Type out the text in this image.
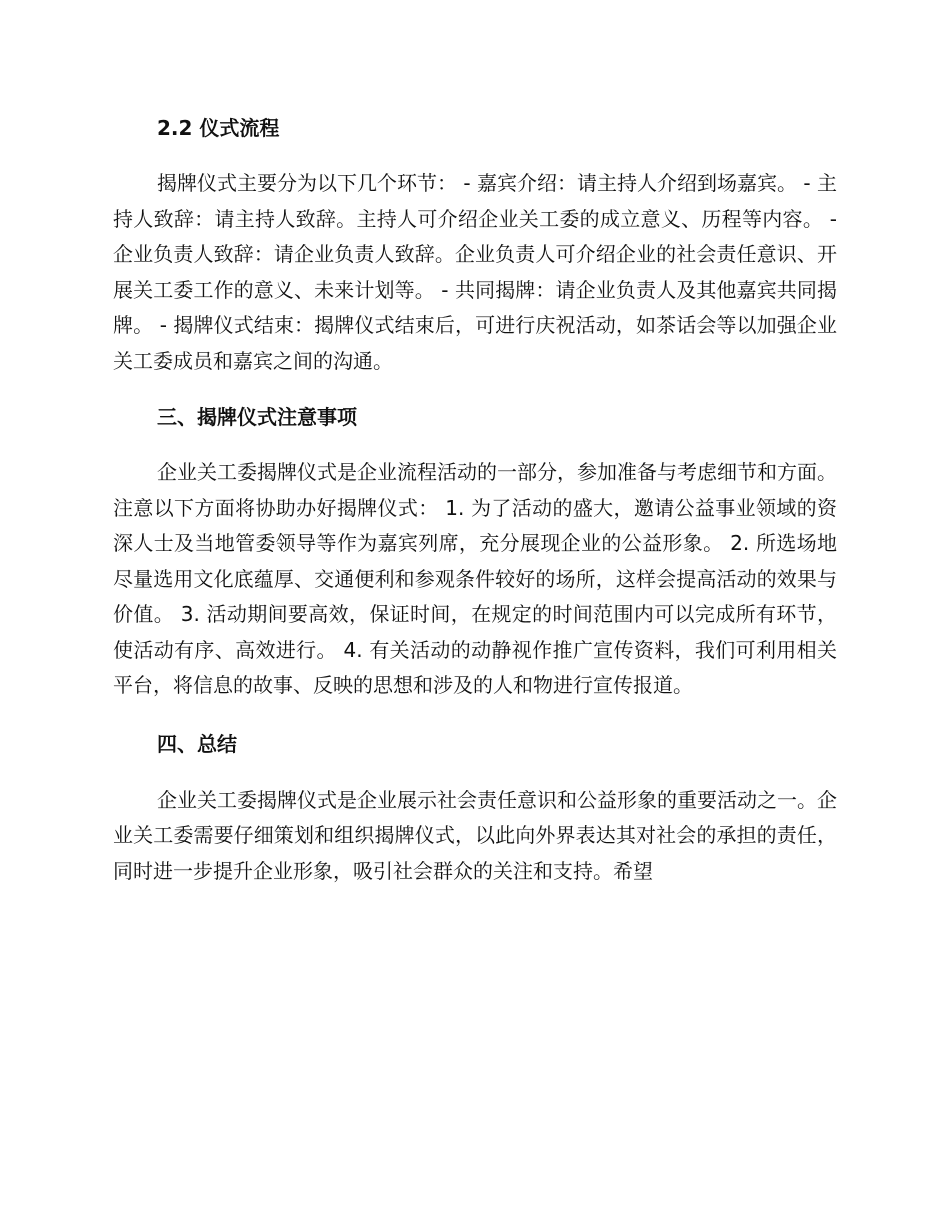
2.2 仪式流程

揭牌仪式主要分为以下几个环节： - 嘉宾介绍：请主持人介绍到场嘉宾。 - 主持人致辞：请主持人致辞。主持人可介绍企业关工委的成立意义、历程等内容。 - 企业负责人致辞：请企业负责人致辞。企业负责人可介绍企业的社会责任意识、开展关工委工作的意义、未来计划等。 - 共同揭牌：请企业负责人及其他嘉宾共同揭牌。 - 揭牌仪式结束：揭牌仪式结束后，可进行庆祝活动，如茶话会等以加强企业关工委成员和嘉宾之间的沟通。

三、揭牌仪式注意事项

企业关工委揭牌仪式是企业流程活动的一部分，参加准备与考虑细节和方面。注意以下方面将协助办好揭牌仪式： 1. 为了活动的盛大，邀请公益事业领域的资深人士及当地管委领导等作为嘉宾列席，充分展现企业的公益形象。 2. 所选场地尽量选用文化底蕴厚、交通便利和参观条件较好的场所，这样会提高活动的效果与价值。 3. 活动期间要高效，保证时间，在规定的时间范围内可以完成所有环节，使活动有序、高效进行。 4. 有关活动的动静视作推广宣传资料，我们可利用相关平台，将信息的故事、反映的思想和涉及的人和物进行宣传报道。

四、总结

企业关工委揭牌仪式是企业展示社会责任意识和公益形象的重要活动之一。企业关工委需要仔细策划和组织揭牌仪式，以此向外界表达其对社会的承担的责任，同时进一步提升企业形象，吸引社会群众的关注和支持。希望
